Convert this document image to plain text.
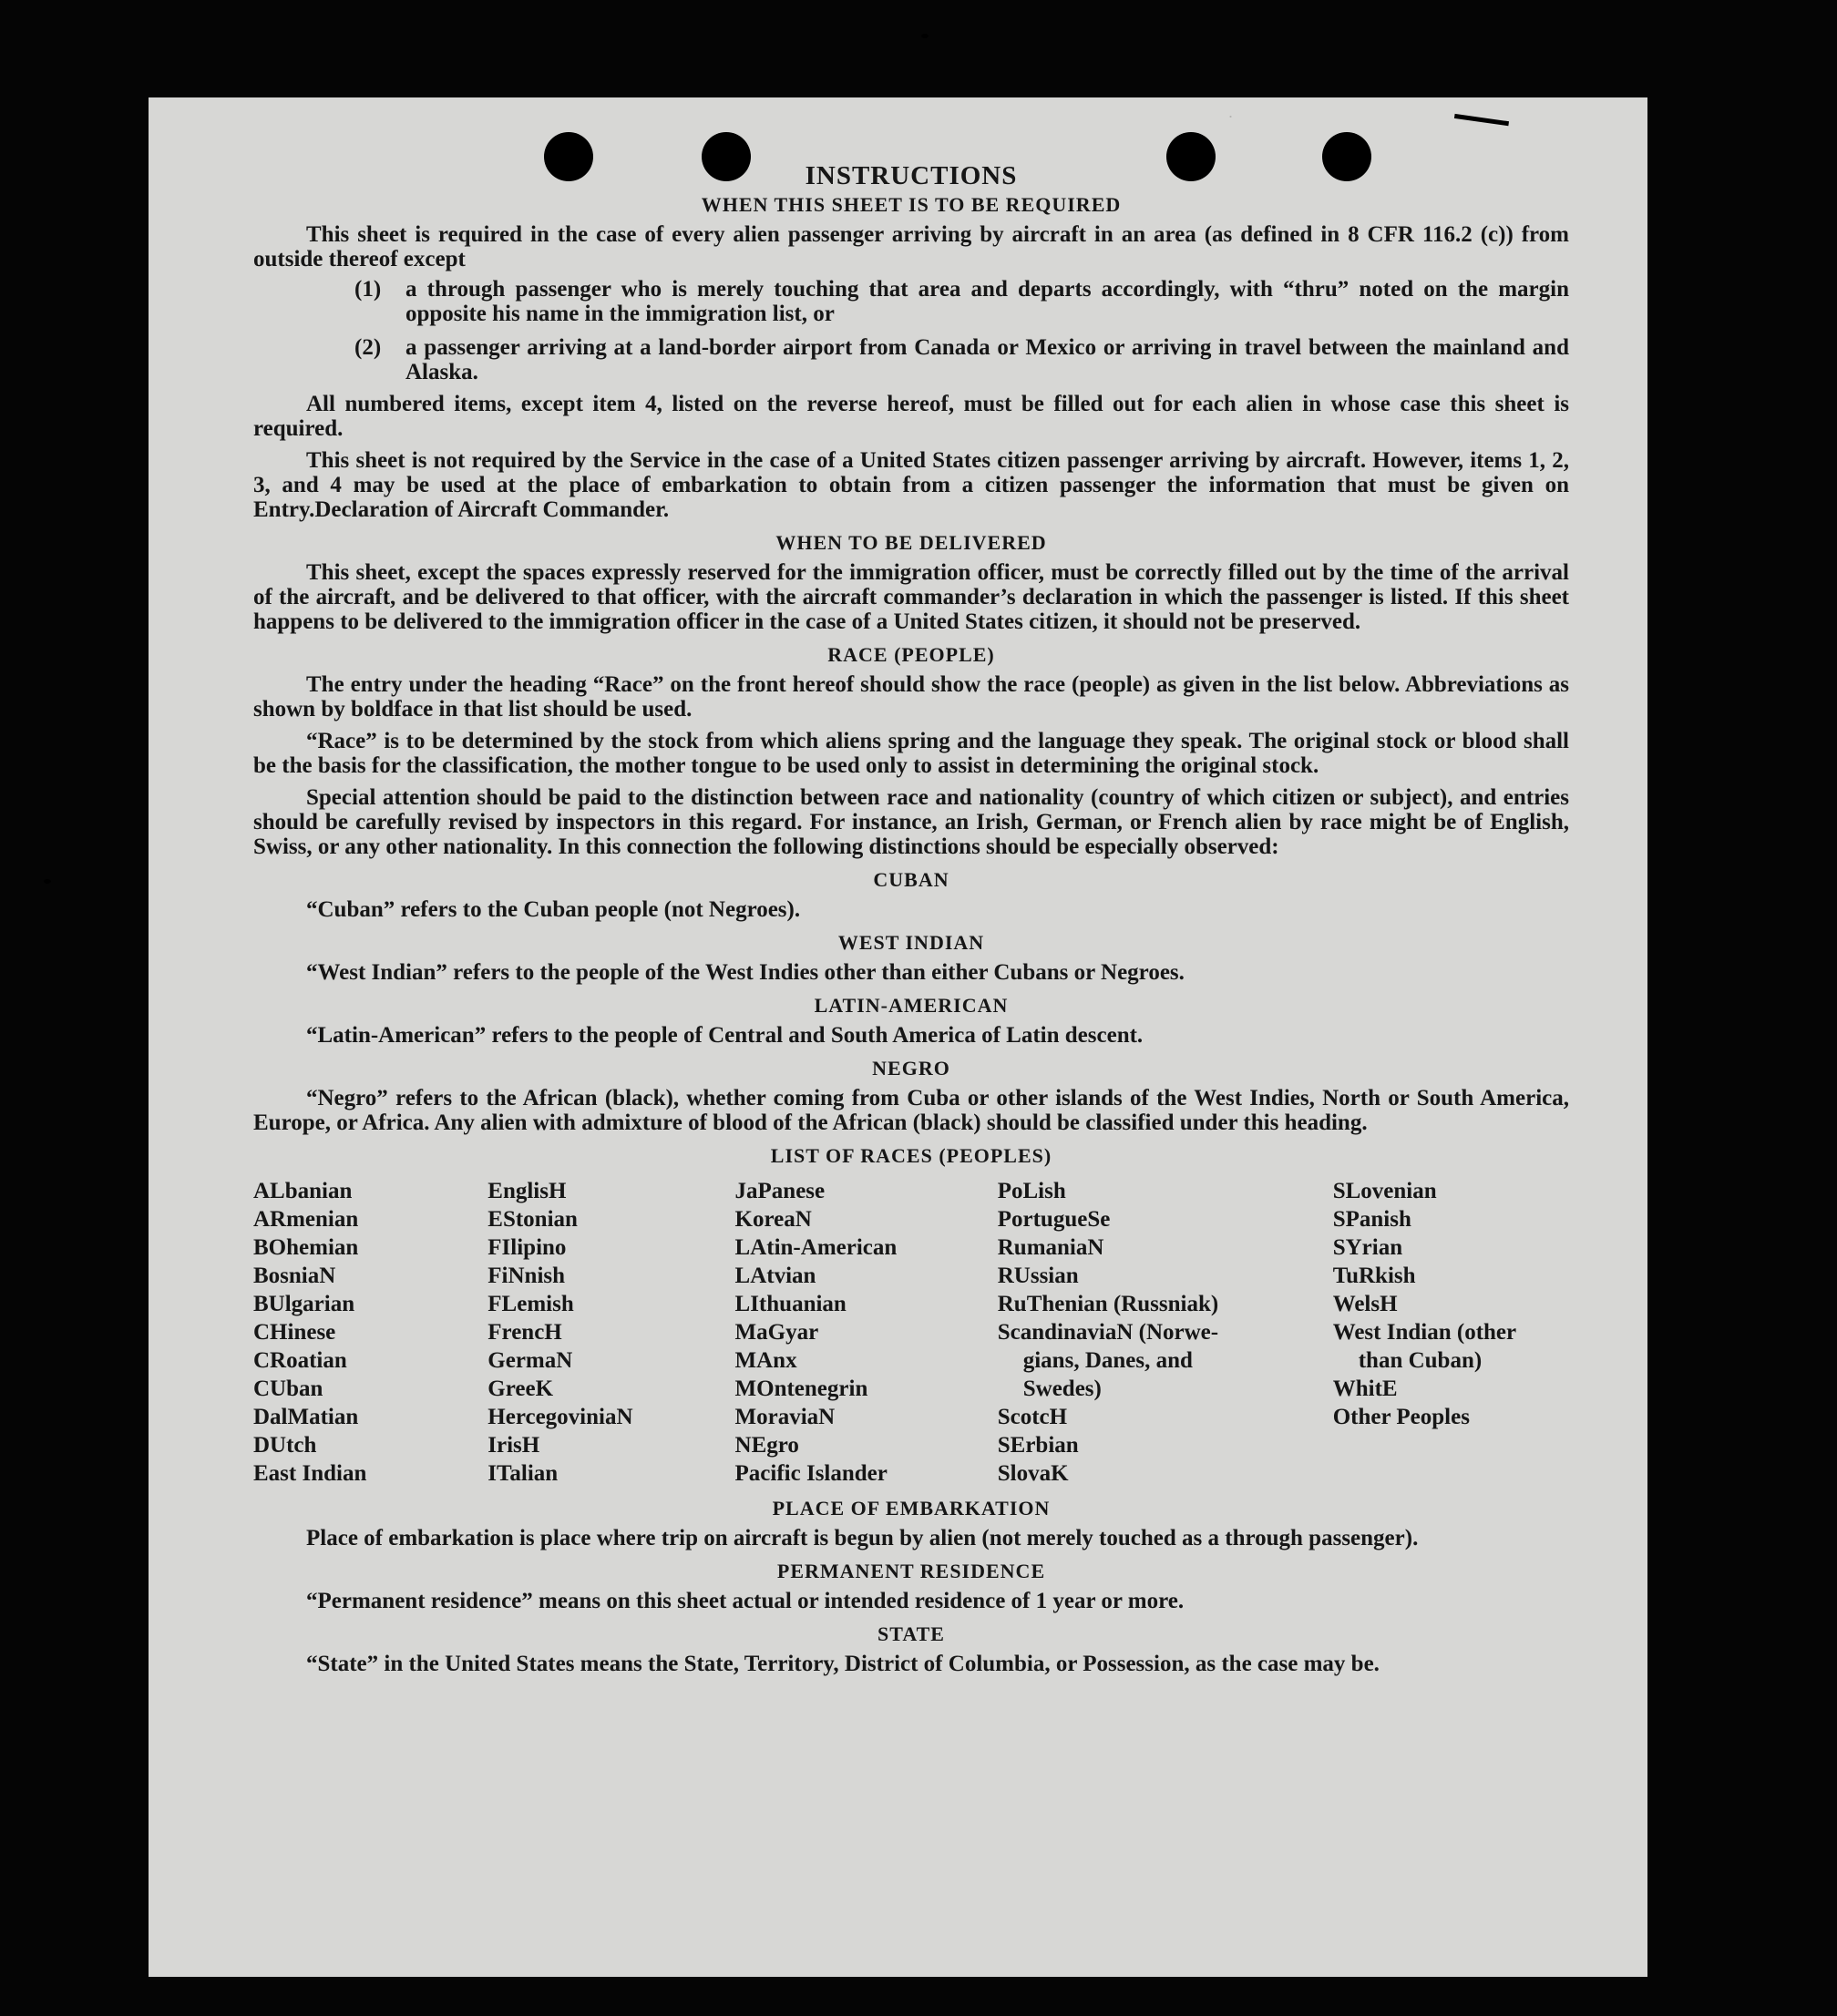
.

INSTRUCTIONS
WHEN THIS SHEET IS TO BE REQUIRED

This sheet is required in the case of every alien passenger arriving by aircraft in an area (as defined in 8 CFR 116.2 (c)) from outside thereof except

(1)	a through passenger who is merely touching that area and departs accordingly, with “thru” noted on the margin opposite his name in the immigration list, or

(2)	a passenger arriving at a land-border airport from Canada or Mexico or arriving in travel between the mainland and Alaska.

All numbered items, except item 4, listed on the reverse hereof, must be filled out for each alien in whose case this sheet is required.

This sheet is not required by the Service in the case of a United States citizen passenger arriving by aircraft. However, items 1, 2, 3, and 4 may be used at the place of embarkation to obtain from a citizen passenger the information that must be given on Entry.Declaration of Aircraft Commander.

WHEN TO BE DELIVERED

This sheet, except the spaces expressly reserved for the immigration officer, must be correctly filled out by the time of the arrival of the aircraft, and be delivered to that officer, with the aircraft commander’s declaration in which the passenger is listed. If this sheet happens to be delivered to the immigration officer in the case of a United States citizen, it should not be preserved.

RACE (PEOPLE)

The entry under the heading “Race” on the front hereof should show the race (people) as given in the list below. Abbreviations as shown by boldface in that list should be used.

“Race” is to be determined by the stock from which aliens spring and the language they speak. The original stock or blood shall be the basis for the classification, the mother tongue to be used only to assist in determining the original stock.

Special attention should be paid to the distinction between race and nationality (country of which citizen or subject), and entries should be carefully revised by inspectors in this regard. For instance, an Irish, German, or French alien by race might be of English, Swiss, or any other nationality. In this connection the following distinctions should be especially observed:

CUBAN

“Cuban” refers to the Cuban people (not Negroes).

WEST INDIAN

“West Indian” refers to the people of the West Indies other than either Cubans or Negroes.

LATIN-AMERICAN

“Latin-American” refers to the people of Central and South America of Latin descent.

NEGRO

“Negro” refers to the African (black), whether coming from Cuba or other islands of the West Indies, North or South America, Europe, or Africa. Any alien with admixture of blood of the African (black) should be classified under this heading.

LIST OF RACES (PEOPLES)
ALbanian
ARmenian
BOhemian
BosniaN
BUlgarian
CHinese
CRoatian
CUban
DalMatian
DUtch
East Indian
EnglisH
EStonian
FIlipino
FiNnish
FLemish
FrencH
GermaN
GreeK
HercegoviniaN
IrisH
ITalian
JaPanese
KoreaN
LAtin-American
LAtvian
LIthuanian
MaGyar
MAnx
MOntenegrin
MoraviaN
NEgro
Pacific Islander
PoLish
PortugueSe
RumaniaN
RUssian
RuThenian (Russniak)
ScandinaviaN (Norwe-
gians, Danes, and
Swedes)
ScotcH
SErbian
SlovaK
SLovenian
SPanish
SYrian
TuRkish
WelsH
West Indian (other
than Cuban)
WhitE
Other Peoples
PLACE OF EMBARKATION

Place of embarkation is place where trip on aircraft is begun by alien (not merely touched as a through passenger).

PERMANENT RESIDENCE

“Permanent residence” means on this sheet actual or intended residence of 1 year or more.

STATE

“State” in the United States means the State, Territory, District of Columbia, or Possession, as the case may be.
